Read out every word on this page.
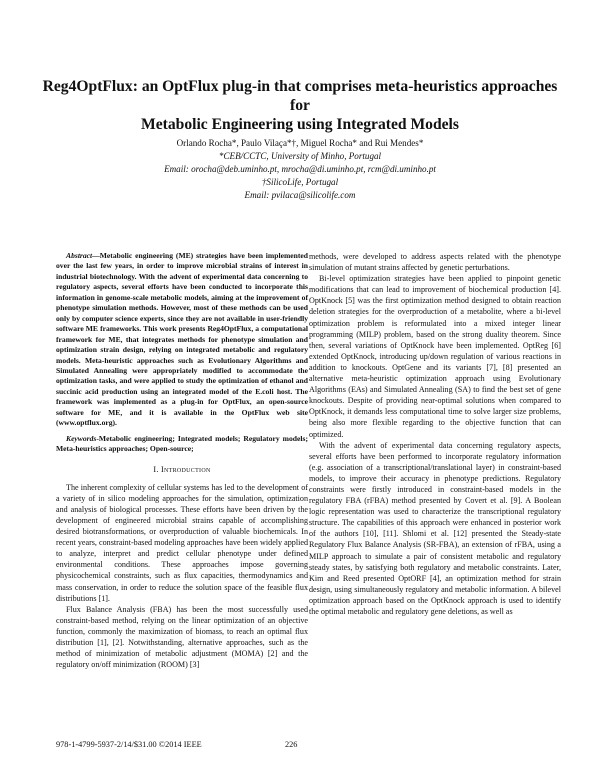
Reg4OptFlux: an OptFlux plug-in that comprises meta-heuristics approaches for
Metabolic Engineering using Integrated Models
Orlando Rocha*, Paulo Vilaça*†, Miguel Rocha* and Rui Mendes*
*CEB/CCTC, University of Minho, Portugal
Email: orocha@deb.uminho.pt, mrocha@di.uminho.pt, rcm@di.uminho.pt
†SilicoLife, Portugal
Email: pvilaca@silicolife.com

Abstract—Metabolic engineering (ME) strategies have been implemented over the last few years, in order to improve microbial strains of interest in industrial biotechnology. With the advent of experimental data concerning to regulatory aspects, several efforts have been conducted to incorporate this information in genome-scale metabolic models, aiming at the improvement of phenotype simulation methods. However, most of these methods can be used only by computer science experts, since they are not available in user-friendly software ME frameworks. This work presents Reg4OptFlux, a computational framework for ME, that integrates methods for phenotype simulation and optimization strain design, relying on integrated metabolic and regulatory models. Meta-heuristic approaches such as Evolutionary Algorithms and Simulated Annealing were appropriately modified to accommodate the optimization tasks, and were applied to study the optimization of ethanol and succinic acid production using an integrated model of the E.coli host. The framework was implemented as a plug-in for OptFlux, an open-source software for ME, and it is available in the OptFlux web site (www.optflux.org).

Keywords-Metabolic engineering; Integrated models; Regulatory models; Meta-heuristics approaches; Open-source;

I. Introduction

The inherent complexity of cellular systems has led to the development of a variety of in silico modeling approaches for the simulation, optimization and analysis of biological processes. These efforts have been driven by the development of engineered microbial strains capable of accomplishing desired biotransformations, or overproduction of valuable biochemicals. In recent years, constraint-based modeling approaches have been widely applied to analyze, interpret and predict cellular phenotype under defined environmental conditions. These approaches impose governing physicochemical constraints, such as flux capacities, thermodynamics and mass conservation, in order to reduce the solution space of the feasible flux distributions [1].

Flux Balance Analysis (FBA) has been the most successfully used constraint-based method, relying on the linear optimization of an objective function, commonly the maximization of biomass, to reach an optimal flux distribution [1], [2]. Notwithstanding, alternative approaches, such as the method of minimization of metabolic adjustment (MOMA) [2] and the regulatory on/off minimization (ROOM) [3]

methods, were developed to address aspects related with the phenotype simulation of mutant strains affected by genetic perturbations.

Bi-level optimization strategies have been applied to pinpoint genetic modifications that can lead to improvement of biochemical production [4]. OptKnock [5] was the first optimization method designed to obtain reaction deletion strategies for the overproduction of a metabolite, where a bi-level optimization problem is reformulated into a mixed integer linear programming (MILP) problem, based on the strong duality theorem. Since then, several variations of OptKnock have been implemented. OptReg [6] extended OptKnock, introducing up/down regulation of various reactions in addition to knockouts. OptGene and its variants [7], [8] presented an alternative meta-heuristic optimization approach using Evolutionary Algorithms (EAs) and Simulated Annealing (SA) to find the best set of gene knockouts. Despite of providing near-optimal solutions when compared to OptKnock, it demands less computational time to solve larger size problems, being also more flexible regarding to the objective function that can optimized.

With the advent of experimental data concerning regulatory aspects, several efforts have been performed to incorporate regulatory information (e.g. association of a transcriptional/translational layer) in constraint-based models, to improve their accuracy in phenotype predictions. Regulatory constraints were firstly introduced in constraint-based models in the regulatory FBA (rFBA) method presented by Covert et al. [9]. A Boolean logic representation was used to characterize the transcriptional regulatory structure. The capabilities of this approach were enhanced in posterior work of the authors [10], [11]. Shlomi et al. [12] presented the Steady-state Regulatory Flux Balance Analysis (SR-FBA), an extension of rFBA, using a MILP approach to simulate a pair of consistent metabolic and regulatory steady states, by satisfying both regulatory and metabolic constraints. Later, Kim and Reed presented OptORF [4], an optimization method for strain design, using simultaneously regulatory and metabolic information. A bilevel optimization approach based on the OptKnock approach is used to identify the optimal metabolic and regulatory gene deletions, as well as

978-1-4799-5937-2/14/$31.00 ©2014 IEEE	226
